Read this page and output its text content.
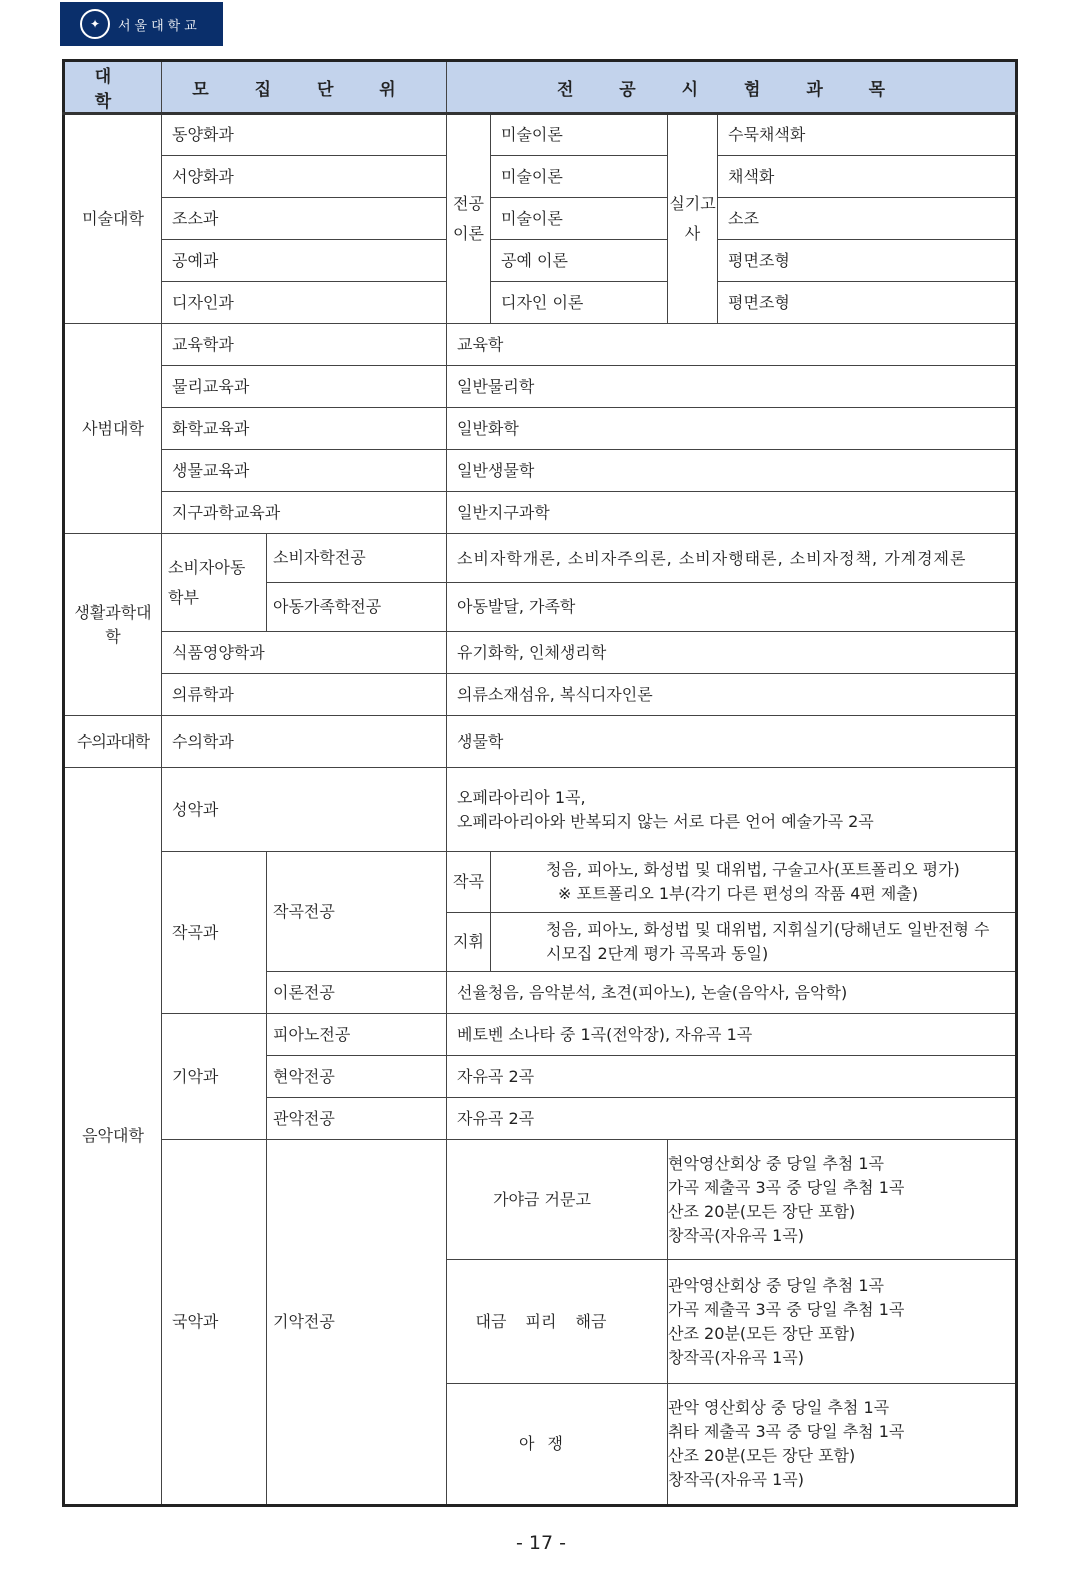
✦	서울대학교
대 학	모 집 단 위		전 공 시 험 과 목			
미술대학	동양화과		전공이론	미술이론	실기고사	수묵채색화
	서양화과			미술이론		채색화
	조소과			미술이론		소조
	공예과			공예 이론		평면조형
	디자인과			디자인 이론		평면조형
사범대학	교육학과		교육학			
	물리교육과		일반물리학			
	화학교육과		일반화학			
	생물교육과		일반생물학			
	지구과학교육과		일반지구과학			
생활과학대학	소비자아동학부	소비자학전공	소비자학개론, 소비자주의론, 소비자행태론, 소비자정책, 가계경제론			
		아동가족학전공	아동발달, 가족학			
	식품영양학과		유기화학, 인체생리학			
	의류학과		의류소재섬유, 복식디자인론			
수의과대학	수의학과		생물학			
음악대학	성악과		오페라아리아 1곡,
오페라아리아와 반복되지 않는 서로 다른 언어 예술가곡 2곡			

	작곡과	작곡전공	작곡	청음, 피아노, 화성법 및 대위법, 구술고사(포트폴리오 평가)
※ 포트폴리오 1부(각기 다른 편성의 작품 4편 제출)		

			지휘	청음, 피아노, 화성법 및 대위법, 지휘실기(당해년도 일반전형 수시모집 2단계 평가 곡목과 동일)		
		이론전공	선율청음, 음악분석, 초견(피아노), 논술(음악사, 음악학)			
	기악과	피아노전공	베토벤 소나타 중 1곡(전악장), 자유곡 1곡			
		현악전공	자유곡 2곡			
		관악전공	자유곡 2곡			
	국악과	기악전공	가야금 거문고		현악영산회상 중 당일 추첨 1곡
가곡 제출곡 3곡 중 당일 추첨 1곡
산조 20분(모든 장단 포함)
창작곡(자유곡 1곡)	

			대금 피리 해금		관악영산회상 중 당일 추첨 1곡
가곡 제출곡 3곡 중 당일 추첨 1곡
산조 20분(모든 장단 포함)
창작곡(자유곡 1곡)	

			아 쟁		관악 영산회상 중 당일 추첨 1곡
취타 제출곡 3곡 중 당일 추첨 1곡
산조 20분(모든 장단 포함)
창작곡(자유곡 1곡)	
- 17 -
